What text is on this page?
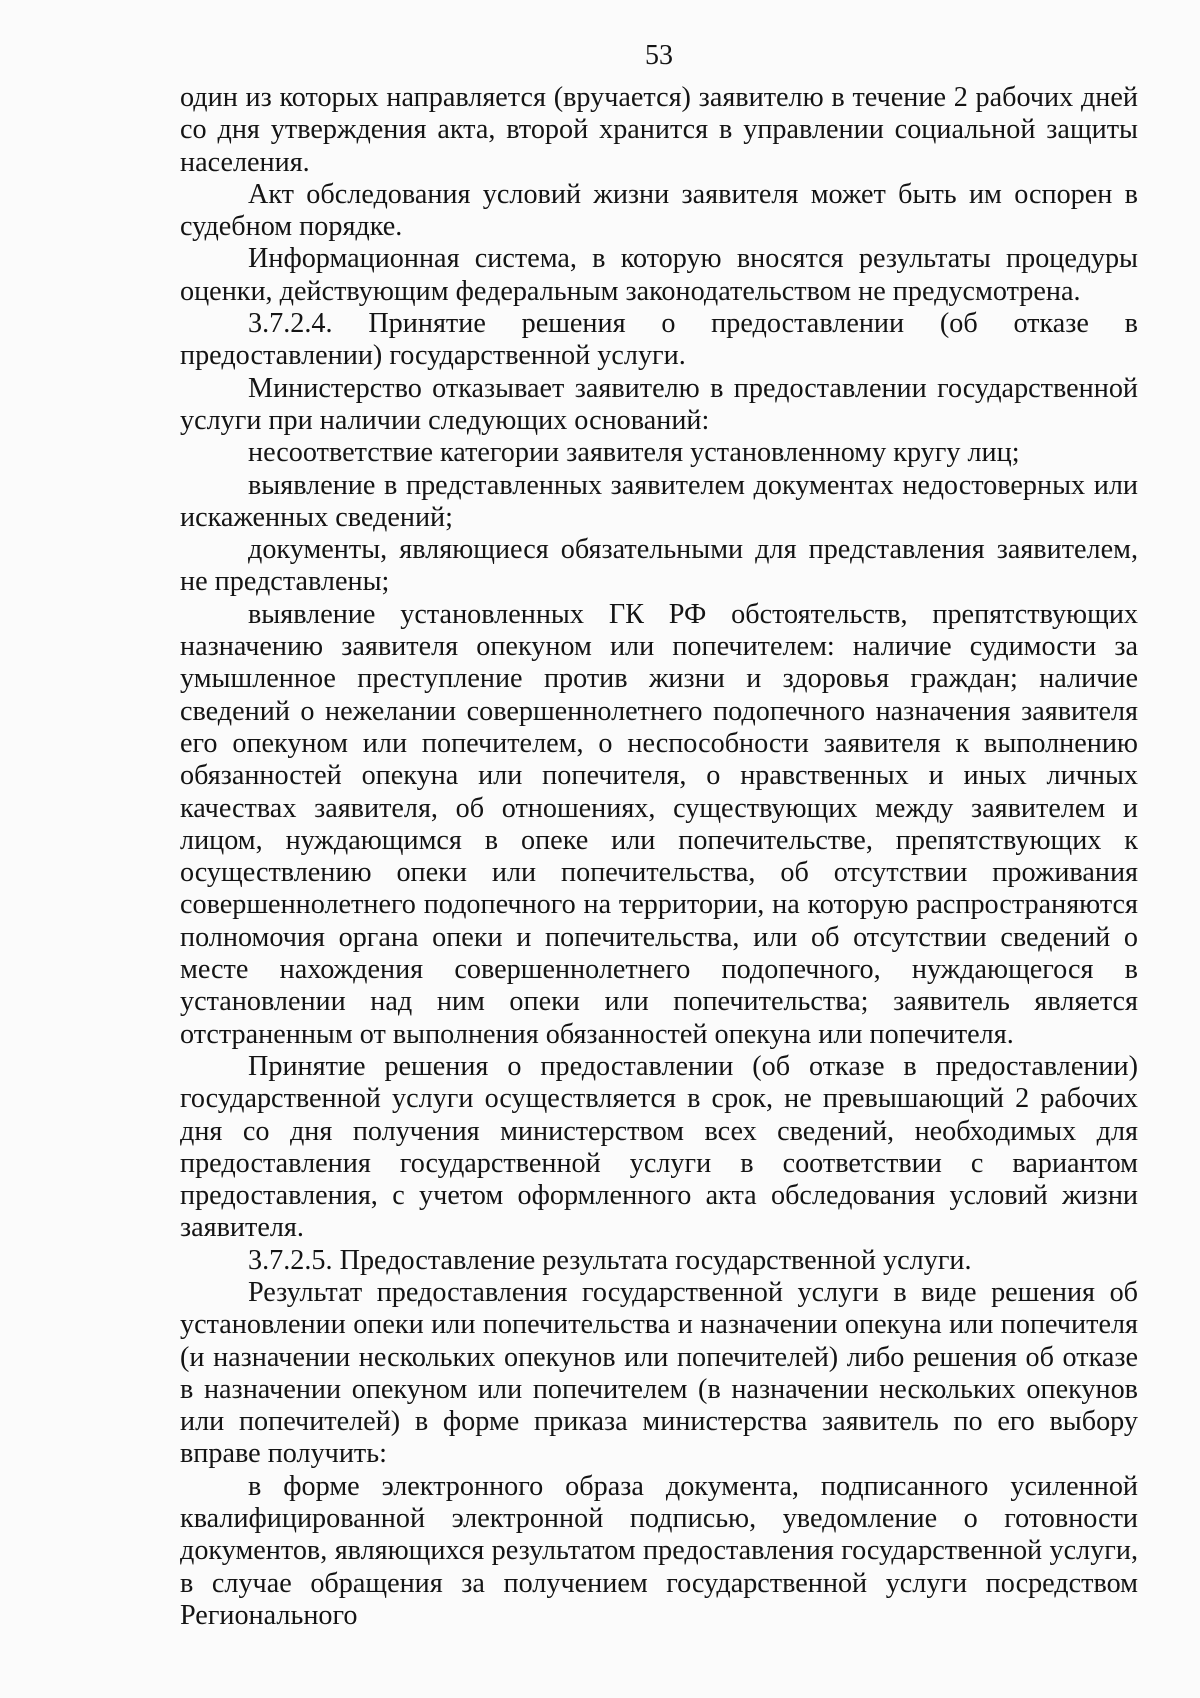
53

один из которых направляется (вручается) заявителю в течение 2 рабочих дней со дня утверждения акта, второй хранится в управлении социальной защиты населения.

Акт обследования условий жизни заявителя может быть им оспорен в судебном порядке.

Информационная система, в которую вносятся результаты процедуры оценки, действующим федеральным законодательством не предусмотрена.

3.7.2.4. Принятие решения о предоставлении (об отказе в предоставлении) государственной услуги.

Министерство отказывает заявителю в предоставлении государственной услуги при наличии следующих оснований:

несоответствие категории заявителя установленному кругу лиц;

выявление в представленных заявителем документах недостоверных или искаженных сведений;

документы, являющиеся обязательными для представления заявителем, не представлены;

выявление установленных ГК РФ обстоятельств, препятствующих назначению заявителя опекуном или попечителем: наличие судимости за умышленное преступление против жизни и здоровья граждан; наличие сведений о нежелании совершеннолетнего подопечного назначения заявителя его опекуном или попечителем, о неспособности заявителя к выполнению обязанностей опекуна или попечителя, о нравственных и иных личных качествах заявителя, об отношениях, существующих между заявителем и лицом, нуждающимся в опеке или попечительстве, препятствующих к осуществлению опеки или попечительства, об отсутствии проживания совершеннолетнего подопечного на территории, на которую распространяются полномочия органа опеки и попечительства, или об отсутствии сведений о месте нахождения совершеннолетнего подопечного, нуждающегося в установлении над ним опеки или попечительства; заявитель является отстраненным от выполнения обязанностей опекуна или попечителя.

Принятие решения о предоставлении (об отказе в предоставлении) государственной услуги осуществляется в срок, не превышающий 2 рабочих дня со дня получения министерством всех сведений, необходимых для предоставления государственной услуги в соответствии с вариантом предоставления, с учетом оформленного акта обследования условий жизни заявителя.

3.7.2.5. Предоставление результата государственной услуги.

Результат предоставления государственной услуги в виде решения об установлении опеки или попечительства и назначении опекуна или попечителя (и назначении нескольких опекунов или попечителей) либо решения об отказе в назначении опекуном или попечителем (в назначении нескольких опекунов или попечителей) в форме приказа министерства заявитель по его выбору вправе получить:

в форме электронного образа документа, подписанного усиленной квалифицированной электронной подписью, уведомление о готовности документов, являющихся результатом предоставления государственной услуги, в случае обращения за получением государственной услуги посредством Регионального
